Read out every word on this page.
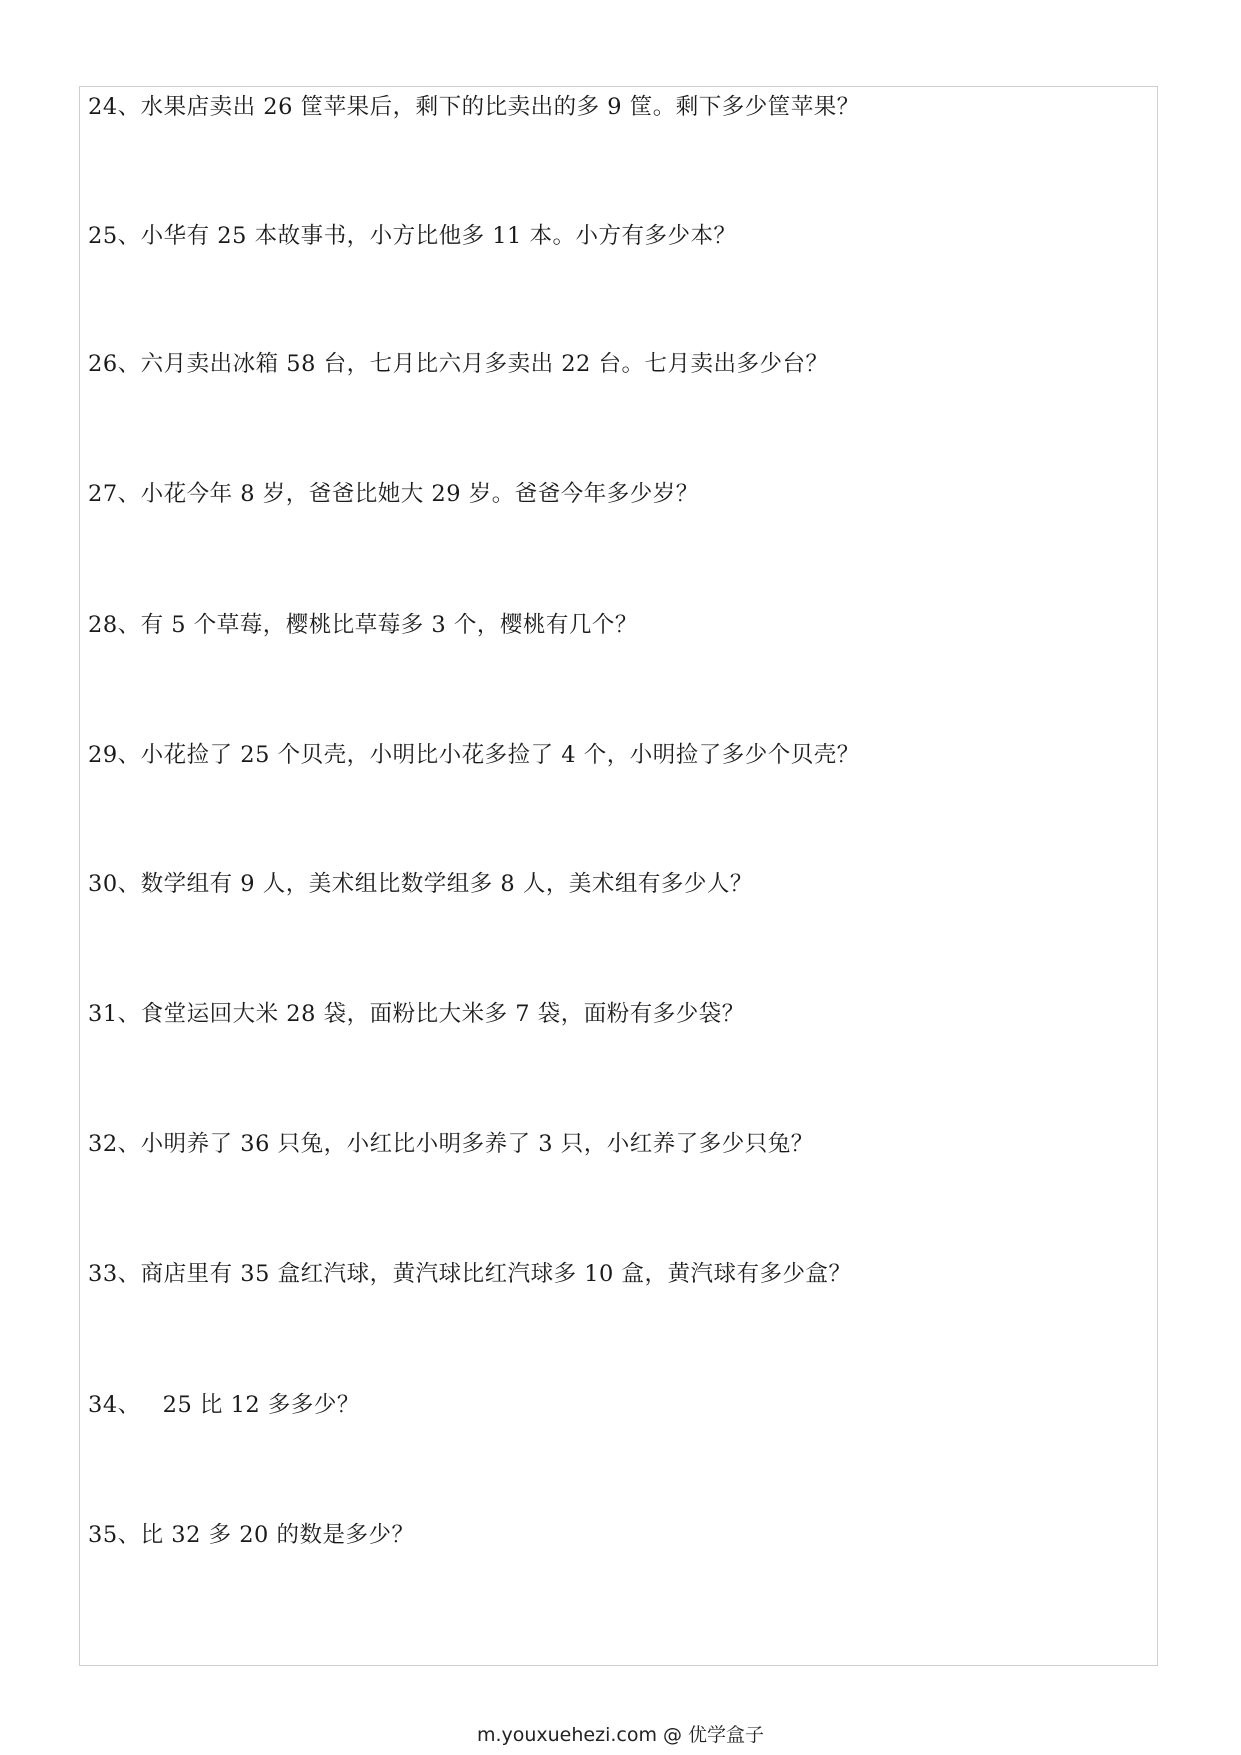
24、水果店卖出 26 筐苹果后，剩下的比卖出的多 9 筐。剩下多少筐苹果？
25、小华有 25 本故事书，小方比他多 11 本。小方有多少本？
26、六月卖出冰箱 58 台，七月比六月多卖出 22 台。七月卖出多少台？
27、小花今年 8 岁，爸爸比她大 29 岁。爸爸今年多少岁？
28、有 5 个草莓，樱桃比草莓多 3 个，樱桃有几个？
29、小花捡了 25 个贝壳，小明比小花多捡了 4 个，小明捡了多少个贝壳？
30、数学组有 9 人，美术组比数学组多 8 人，美术组有多少人？
31、食堂运回大米 28 袋，面粉比大米多 7 袋，面粉有多少袋？
32、小明养了 36 只兔，小红比小明多养了 3 只，小红养了多少只兔？
33、商店里有 35 盒红汽球，黄汽球比红汽球多 10 盒，黄汽球有多少盒？
34、 25 比 12 多多少？
35、比 32 多 20 的数是多少？
m.youxuehezi.com @ 优学盒子
